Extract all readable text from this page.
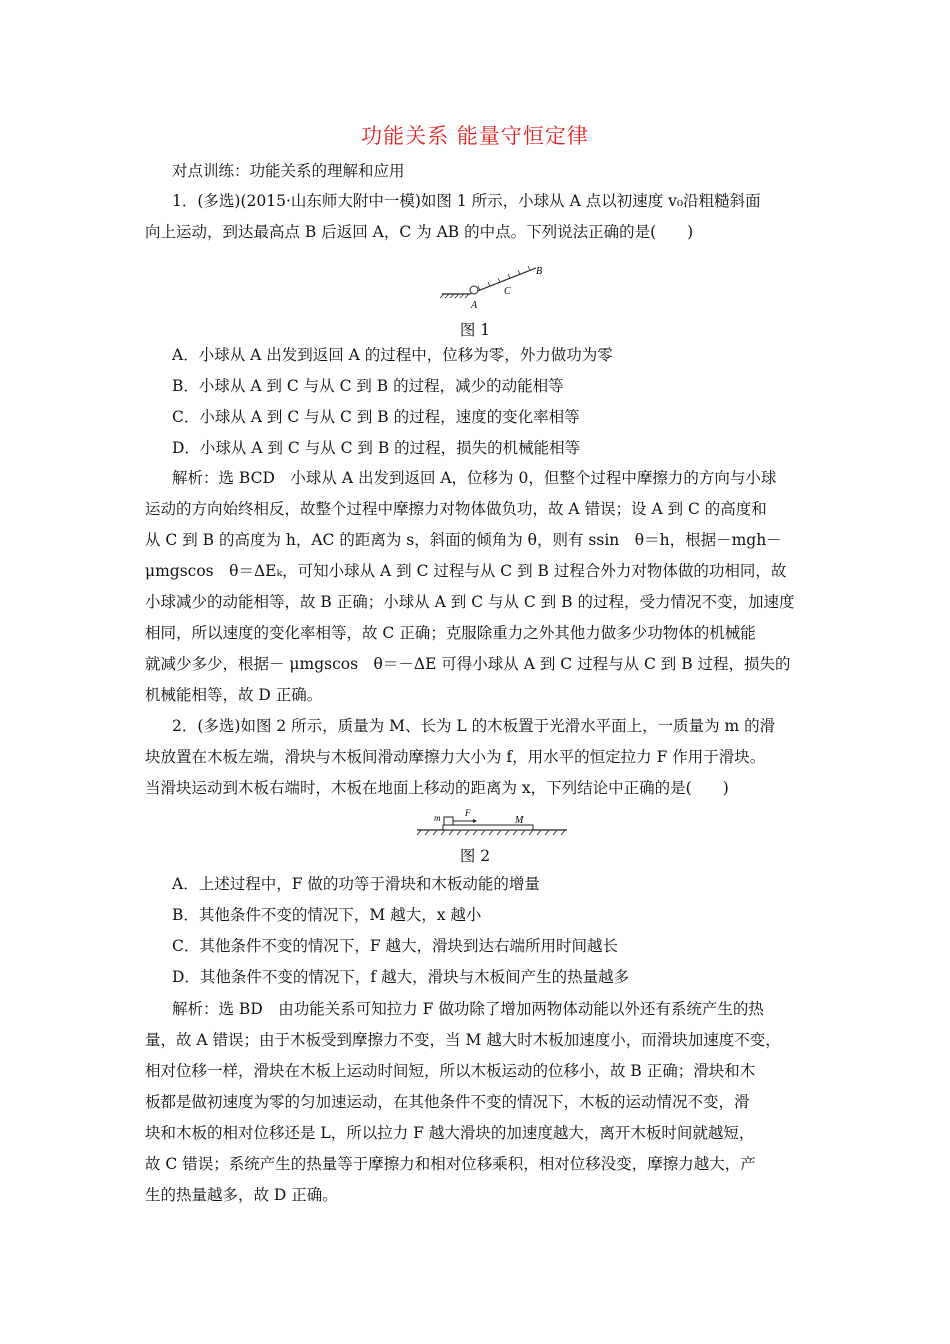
功能关系 能量守恒定律
对点训练：功能关系的理解和应用
1．(多选)(2015·山东师大附中一模)如图 1 所示，小球从 A 点以初速度 v₀沿粗糙斜面
向上运动，到达最高点 B 后返回 A，C 为 AB 的中点。下列说法正确的是(　　)
A
C
B
图 1
A．小球从 A 出发到返回 A 的过程中，位移为零，外力做功为零
B．小球从 A 到 C 与从 C 到 B 的过程，减少的动能相等
C．小球从 A 到 C 与从 C 到 B 的过程，速度的变化率相等
D．小球从 A 到 C 与从 C 到 B 的过程，损失的机械能相等
解析：选 BCD　小球从 A 出发到返回 A，位移为 0，但整个过程中摩擦力的方向与小球
运动的方向始终相反，故整个过程中摩擦力对物体做负功，故 A 错误；设 A 到 C 的高度和
从 C 到 B 的高度为 h，AC 的距离为 s，斜面的倾角为 θ，则有 ssin　θ＝h，根据－mgh－
μmgscos　θ＝ΔEₖ，可知小球从 A 到 C 过程与从 C 到 B 过程合外力对物体做的功相同，故
小球减少的动能相等，故 B 正确；小球从 A 到 C 与从 C 到 B 的过程，受力情况不变，加速度
相同，所以速度的变化率相等，故 C 正确；克服除重力之外其他力做多少功物体的机械能
就减少多少，根据－ μmgscos　θ＝－ΔE 可得小球从 A 到 C 过程与从 C 到 B 过程，损失的
机械能相等，故 D 正确。
2．(多选)如图 2 所示，质量为 M、长为 L 的木板置于光滑水平面上，一质量为 m 的滑
块放置在木板左端，滑块与木板间滑动摩擦力大小为 f，用水平的恒定拉力 F 作用于滑块。
当滑块运动到木板右端时，木板在地面上移动的距离为 x，下列结论中正确的是(　　)
m	F
M
图 2
A．上述过程中，F 做的功等于滑块和木板动能的增量
B．其他条件不变的情况下，M 越大，x 越小
C．其他条件不变的情况下，F 越大，滑块到达右端所用时间越长
D．其他条件不变的情况下，f 越大，滑块与木板间产生的热量越多
解析：选 BD　由功能关系可知拉力 F 做功除了增加两物体动能以外还有系统产生的热
量，故 A 错误；由于木板受到摩擦力不变，当 M 越大时木板加速度小，而滑块加速度不变，
相对位移一样，滑块在木板上运动时间短，所以木板运动的位移小，故 B 正确；滑块和木
板都是做初速度为零的匀加速运动，在其他条件不变的情况下，木板的运动情况不变，滑
块和木板的相对位移还是 L，所以拉力 F 越大滑块的加速度越大，离开木板时间就越短，
故 C 错误；系统产生的热量等于摩擦力和相对位移乘积，相对位移没变，摩擦力越大，产
生的热量越多，故 D 正确。
